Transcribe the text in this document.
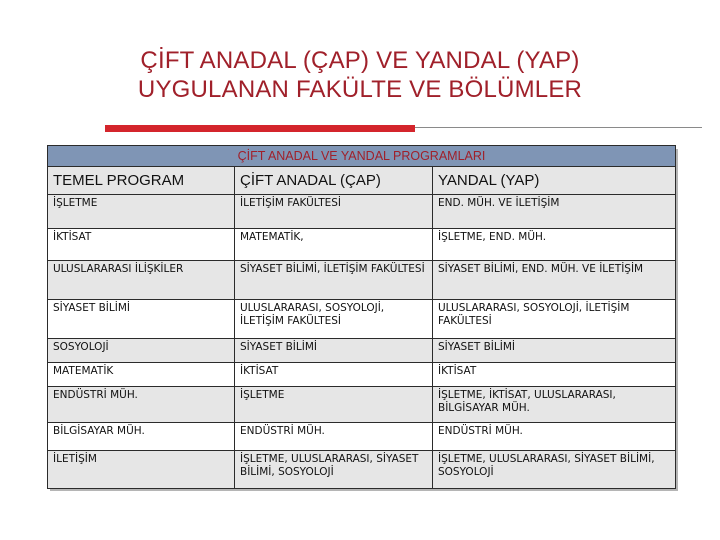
ÇİFT ANADAL (ÇAP) VE YANDAL (YAP)
UYGULANAN FAKÜLTE VE BÖLÜMLER
ÇİFT ANADAL VE YANDAL PROGRAMLARI		
TEMEL PROGRAM	ÇİFT ANADAL (ÇAP)	YANDAL (YAP)
İŞLETME	İLETİŞİM FAKÜLTESİ	END. MÜH. VE İLETİŞİM
İKTİSAT	MATEMATİK,	İŞLETME, END. MÜH.
ULUSLARARASI İLİŞKİLER	SİYASET BİLİMİ, İLETİŞİM FAKÜLTESİ	SİYASET BİLİMİ, END. MÜH. VE İLETİŞİM
SİYASET BİLİMİ	ULUSLARARASI, SOSYOLOJİ, İLETİŞİM FAKÜLTESİ	ULUSLARARASI, SOSYOLOJİ, İLETİŞİM FAKÜLTESİ
SOSYOLOJİ	SİYASET BİLİMİ	SİYASET BİLİMİ
MATEMATİK	İKTİSAT	İKTİSAT
ENDÜSTRİ MÜH.	İŞLETME	İŞLETME, İKTİSAT, ULUSLARARASI, BİLGİSAYAR MÜH.
BİLGİSAYAR MÜH.	ENDÜSTRİ MÜH.	ENDÜSTRİ MÜH.
İLETİŞİM	İŞLETME, ULUSLARARASI, SİYASET BİLİMİ, SOSYOLOJİ	İŞLETME, ULUSLARARASI, SİYASET BİLİMİ, SOSYOLOJİ
